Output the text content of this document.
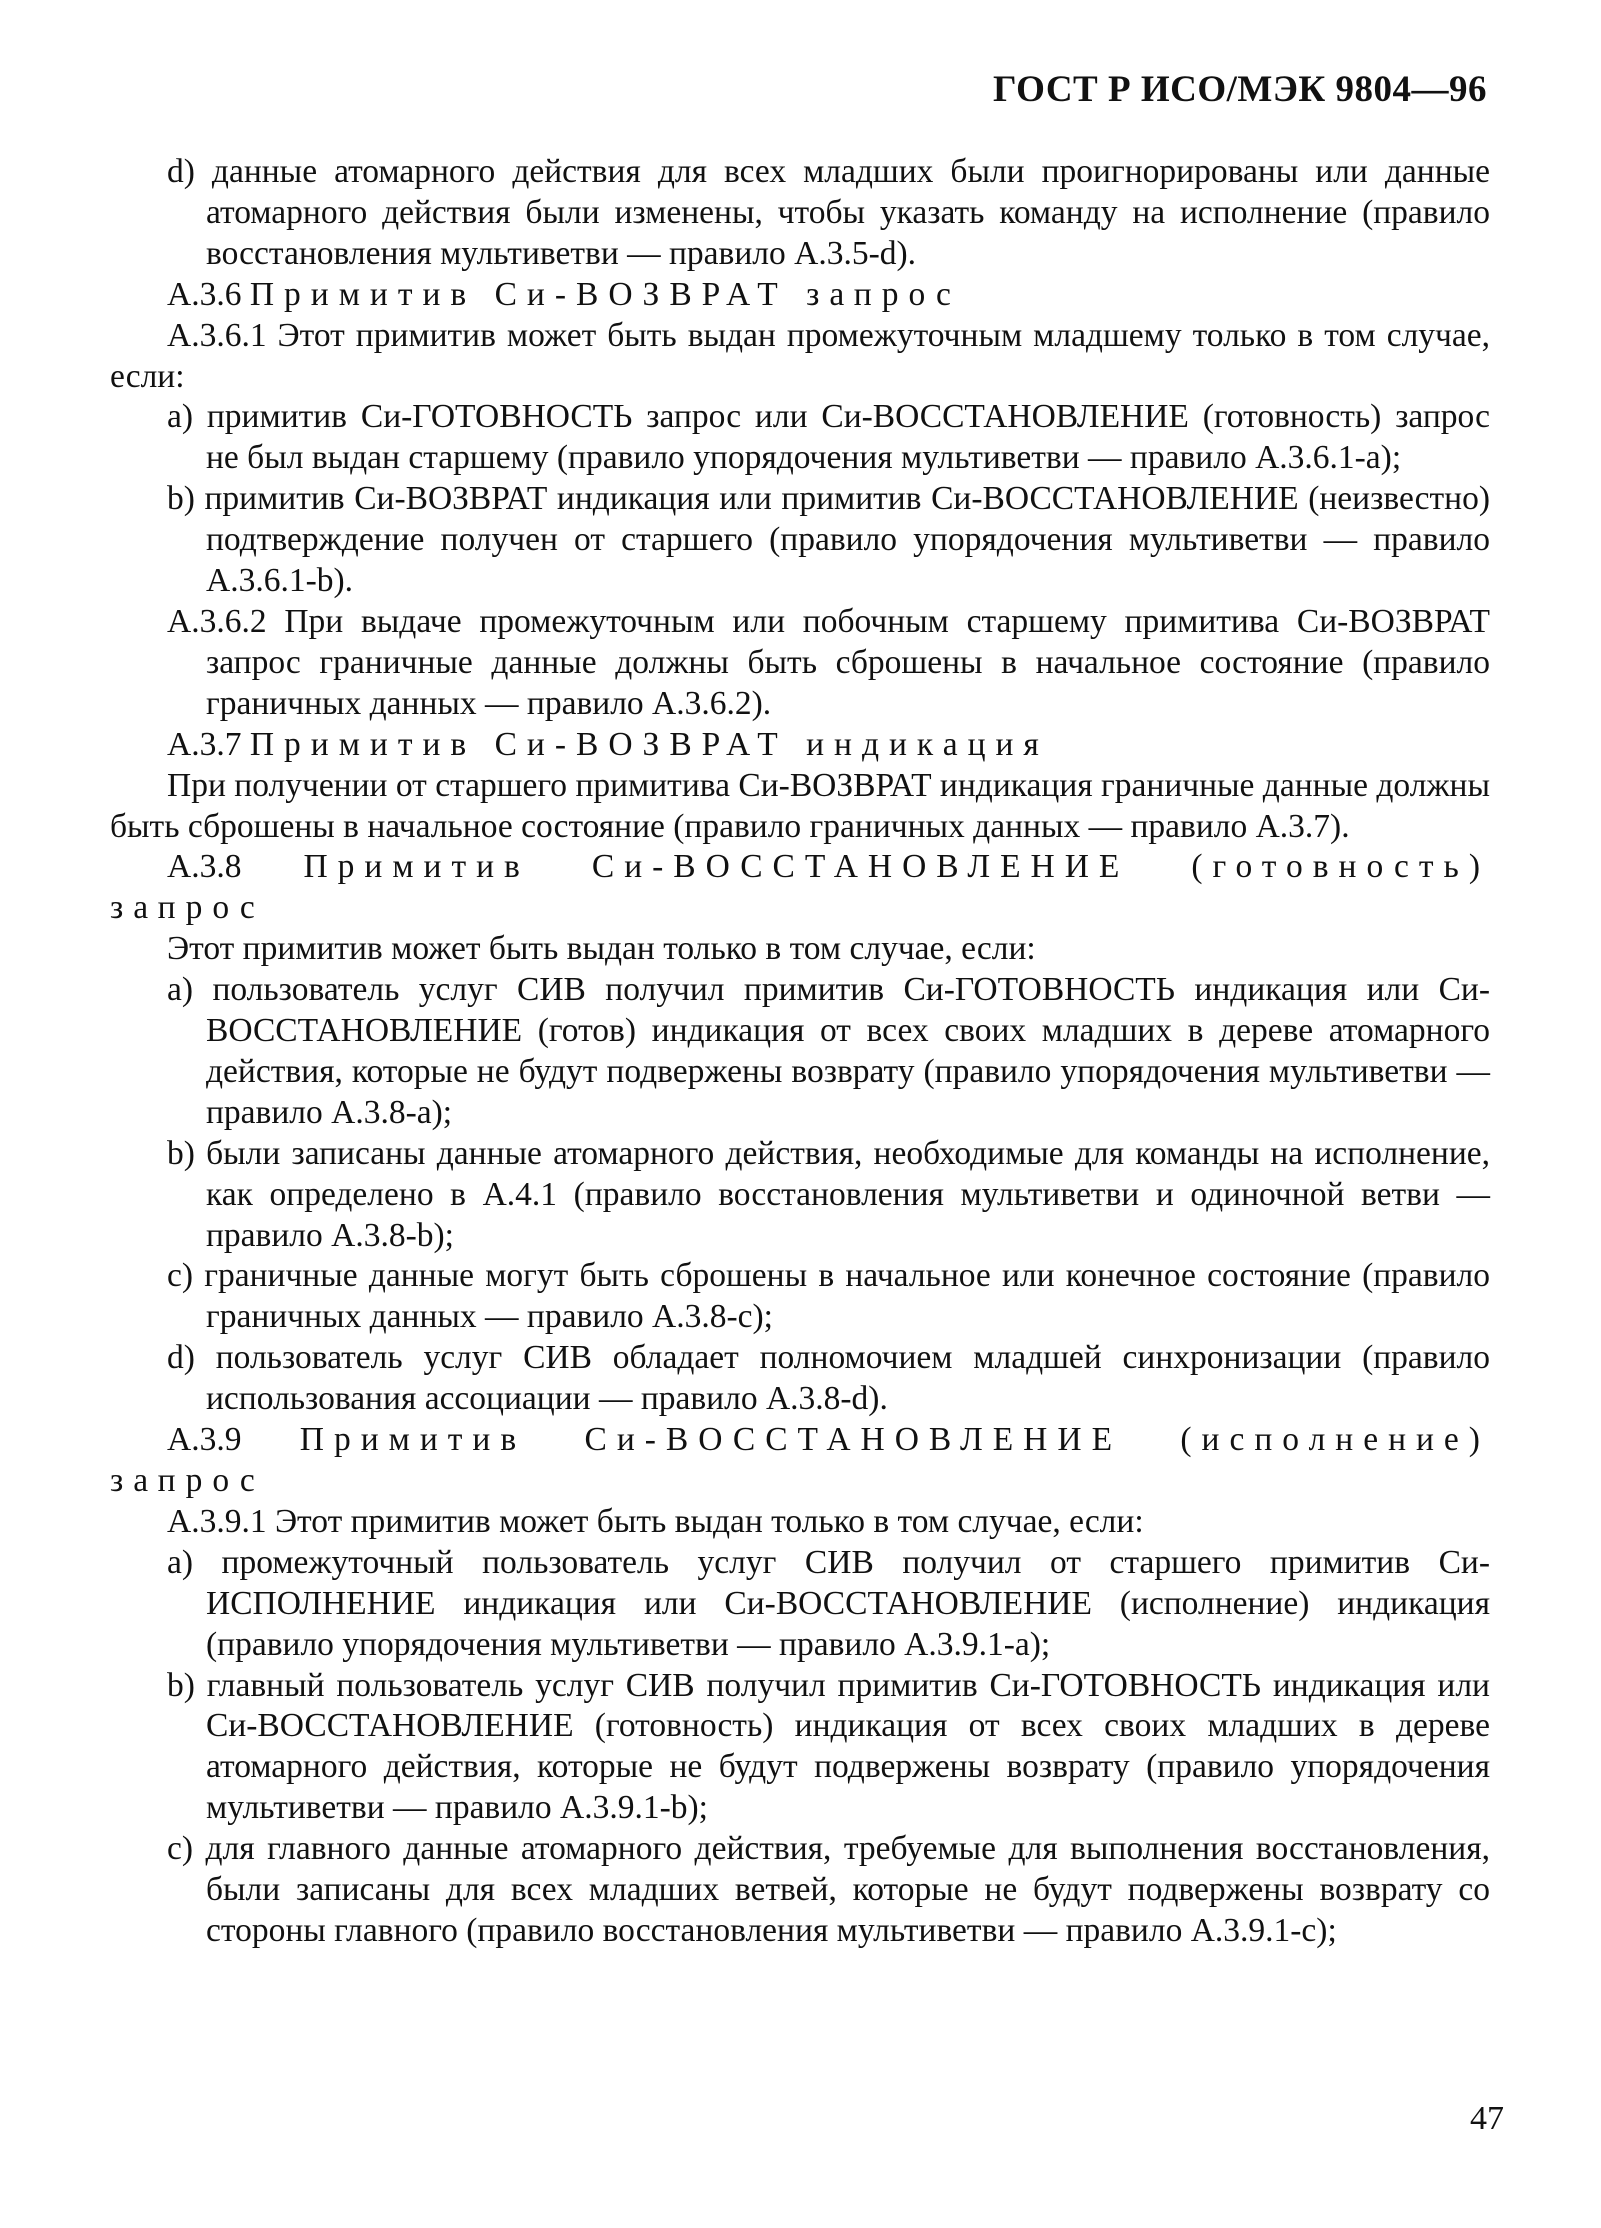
ГОСТ Р ИСО/МЭК 9804—96

d) данные атомарного действия для всех младших были проигнорированы или данные атомарного действия были изменены, чтобы указать команду на исполнение (правило восстановления мультиветви — правило А.3.5-d).

А.3.6 Примитив Си-ВОЗВРАТ запрос

А.3.6.1 Этот примитив может быть выдан промежуточным младшему только в том случае, если:

а) примитив Си-ГОТОВНОСТЬ запрос или Си-ВОССТАНОВЛЕНИЕ (готовность) запрос не был выдан старшему (правило упорядочения мультиветви — правило А.3.6.1-а);

b) примитив Си-ВОЗВРАТ индикация или примитив Си-ВОССТАНОВЛЕНИЕ (неизвестно) подтверждение получен от старшего (правило упорядочения мультиветви — правило А.3.6.1-b).

А.3.6.2 При выдаче промежуточным или побочным старшему примитива Си-ВОЗВРАТ запрос граничные данные должны быть сброшены в начальное состояние (правило граничных данных — правило А.3.6.2).

А.3.7 Примитив Си-ВОЗВРАТ индикация

При получении от старшего примитива Си-ВОЗВРАТ индикация граничные данные должны быть сброшены в начальное состояние (правило граничных данных — правило А.3.7).

А.3.8 Примитив Си-ВОССТАНОВЛЕНИЕ (готовность)
запрос

Этот примитив может быть выдан только в том случае, если:

а) пользователь услуг СИВ получил примитив Си-ГОТОВНОСТЬ индикация или Си-ВОССТАНОВЛЕНИЕ (готов) индикация от всех своих младших в дереве атомарного действия, которые не будут подвержены возврату (правило упорядочения мультиветви — правило А.3.8-а);

b) были записаны данные атомарного действия, необходимые для команды на исполнение, как определено в А.4.1 (правило восстановления мультиветви и одиночной ветви — правило А.3.8-b);

c) граничные данные могут быть сброшены в начальное или конечное состояние (правило граничных данных — правило А.3.8-c);

d) пользователь услуг СИВ обладает полномочием младшей синхронизации (правило использования ассоциации — правило А.3.8-d).

А.3.9 Примитив Си-ВОССТАНОВЛЕНИЕ (исполнение)
запрос

А.3.9.1 Этот примитив может быть выдан только в том случае, если:

а) промежуточный пользователь услуг СИВ получил от старшего примитив Си-ИСПОЛНЕНИЕ индикация или Си-ВОССТАНОВЛЕНИЕ (исполнение) индикация (правило упорядочения мультиветви — правило А.3.9.1-а);

b) главный пользователь услуг СИВ получил примитив Си-ГОТОВНОСТЬ индикация или Си-ВОССТАНОВЛЕНИЕ (готовность) индикация от всех своих младших в дереве атомарного действия, которые не будут подвержены возврату (правило упорядочения мультиветви — правило А.3.9.1-b);

c) для главного данные атомарного действия, требуемые для выполнения восстановления, были записаны для всех младших ветвей, которые не будут подвержены возврату со стороны главного (правило восстановления мультиветви — правило А.3.9.1-c);

47
